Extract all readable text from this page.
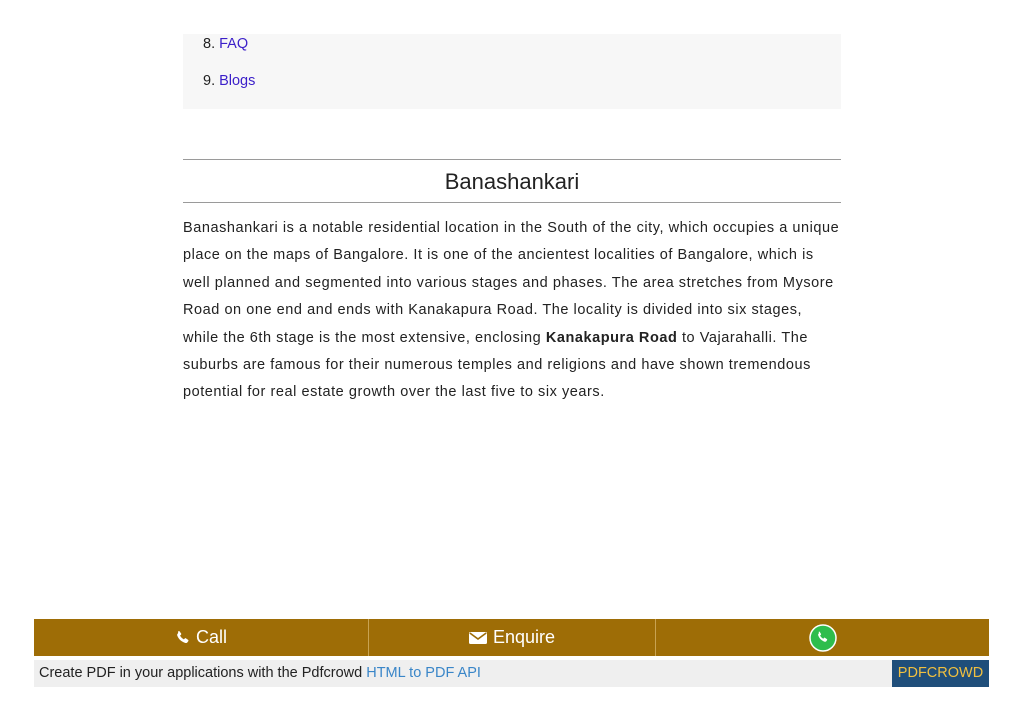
8. FAQ
9. Blogs
Banashankari

Banashankari is a notable residential location in the South of the city, which occupies a unique place on the maps of Bangalore. It is one of the ancientest localities of Bangalore, which is well planned and segmented into various stages and phases. The area stretches from Mysore Road on one end and ends with Kanakapura Road. The locality is divided into six stages, while the 6th stage is the most extensive, enclosing Kanakapura Road to Vajarahalli. The suburbs are famous for their numerous temples and religions and have shown tremendous potential for real estate growth over the last five to six years.

Call	Enquire
Create PDF in your applications with the Pdfcrowd HTML to PDF API	PDFCROWD
